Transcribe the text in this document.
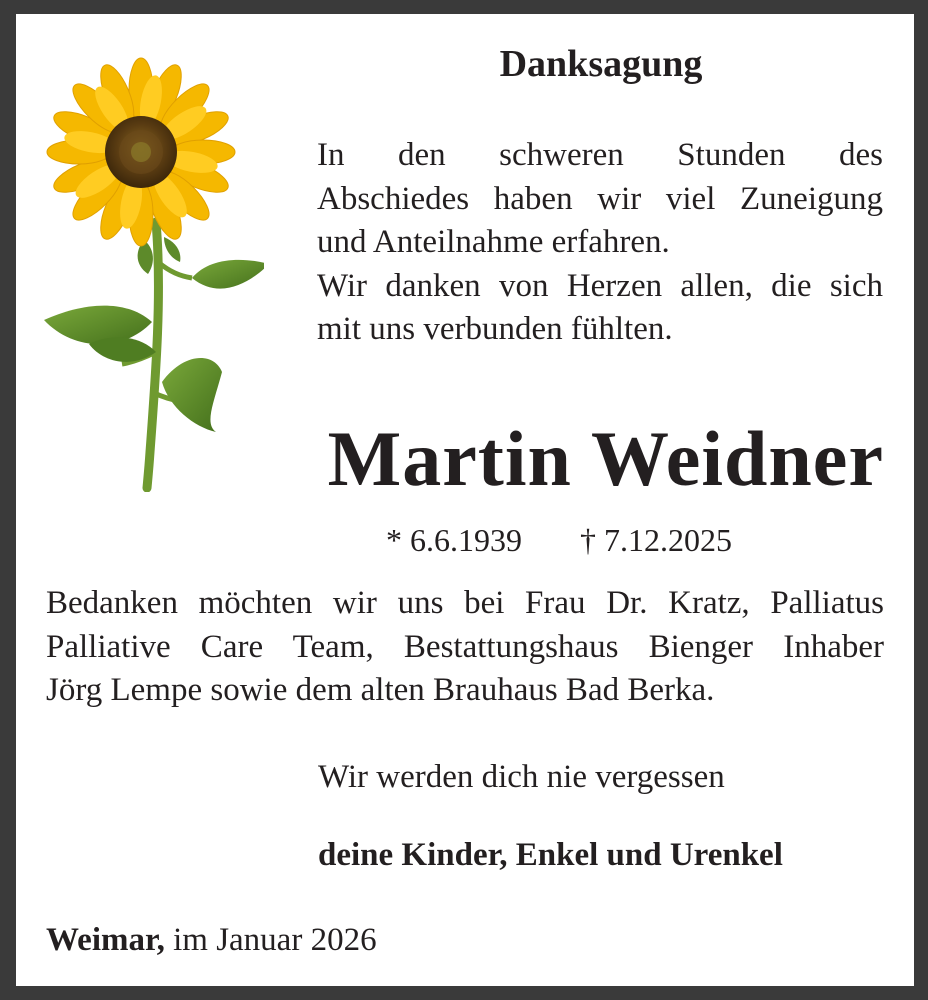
Danksagung

In den schweren Stunden des
Abschiedes haben wir viel Zuneigung
und Anteilnahme erfahren.
Wir danken von Herzen allen, die sich
mit uns verbunden fühlten.

Martin Weidner
* 6.6.1939 † 7.12.2025

Bedanken möchten wir uns bei Frau Dr. Kratz, Palliatus
Palliative Care Team, Bestattungshaus Bienger Inhaber
Jörg Lempe sowie dem alten Brauhaus Bad Berka.

Wir werden dich nie vergessen
deine Kinder, Enkel und Urenkel
Weimar, im Januar 2026
